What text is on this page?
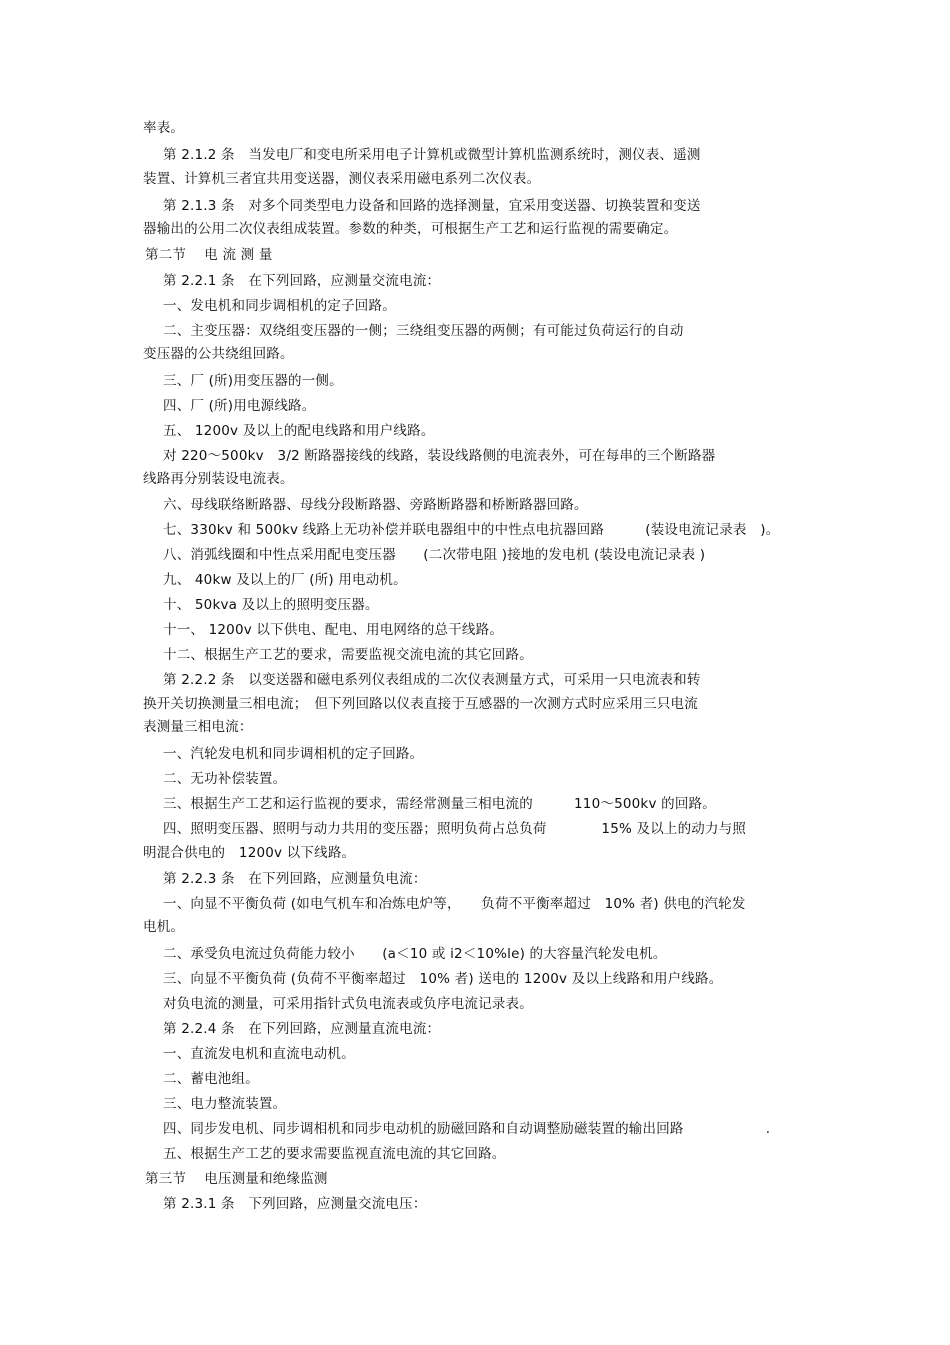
率表。
第 2.1.2 条　当发电厂和变电所采用电子计算机或微型计算机监测系统时，测仪表、遥测
装置、计算机三者宜共用变送器，测仪表采用磁电系列二次仪表。
第 2.1.3 条　对多个同类型电力设备和回路的选择测量，宜采用变送器、切换装置和变送
器输出的公用二次仪表组成装置。参数的种类，可根据生产工艺和运行监视的需要确定。
第二节　 电 流 测 量
第 2.2.1 条　在下列回路，应测量交流电流：
一、发电机和同步调相机的定子回路。
二、主变压器：双绕组变压器的一侧；三绕组变压器的两侧；有可能过负荷运行的自动
变压器的公共绕组回路。
三、厂 (所)用变压器的一侧。
四、厂 (所)用电源线路。
五、 1200v 及以上的配电线路和用户线路。
对 220～500kv　3/2 断路器接线的线路，装设线路侧的电流表外，可在每串的三个断路器
线路再分别装设电流表。
六、母线联络断路器、母线分段断路器、旁路断路器和桥断路器回路。
七、330kv 和 500kv 线路上无功补偿并联电器组中的中性点电抗器回路　　　(装设电流记录表　)。
八、消弧线圈和中性点采用配电变压器　　(二次带电阻 )接地的发电机 (装设电流记录表 )
九、 40kw 及以上的厂 (所) 用电动机。
十、 50kva 及以上的照明变压器。
十一、 1200v 以下供电、配电、用电网络的总干线路。
十二、根据生产工艺的要求，需要监视交流电流的其它回路。
第 2.2.2 条　以变送器和磁电系列仪表组成的二次仪表测量方式，可采用一只电流表和转
换开关切换测量三相电流；　但下列回路以仪表直接于互感器的一次测方式时应采用三只电流
表测量三相电流：
一、汽轮发电机和同步调相机的定子回路。
二、无功补偿装置。
三、根据生产工艺和运行监视的要求，需经常测量三相电流的　　　110～500kv 的回路。
四、照明变压器、照明与动力共用的变压器；照明负荷占总负荷　　　　15% 及以上的动力与照
明混合供电的　1200v 以下线路。
第 2.2.3 条　在下列回路，应测量负电流：
一、向显不平衡负荷 (如电气机车和冶炼电炉等，　　负荷不平衡率超过　10% 者) 供电的汽轮发
电机。
二、承受负电流过负荷能力较小　　(a＜10 或 i2＜10%le) 的大容量汽轮发电机。
三、向显不平衡负荷 (负荷不平衡率超过　10% 者) 送电的 1200v 及以上线路和用户线路。
对负电流的测量，可采用指针式负电流表或负序电流记录表。
第 2.2.4 条　在下列回路，应测量直流电流：
一、直流发电机和直流电动机。
二、蓄电池组。
三、电力整流装置。
四、同步发电机、同步调相机和同步电动机的励磁回路和自动调整励磁装置的输出回路　　　　　　.
五、根据生产工艺的要求需要监视直流电流的其它回路。
第三节　 电压测量和绝缘监测
第 2.3.1 条　下列回路，应测量交流电压：
